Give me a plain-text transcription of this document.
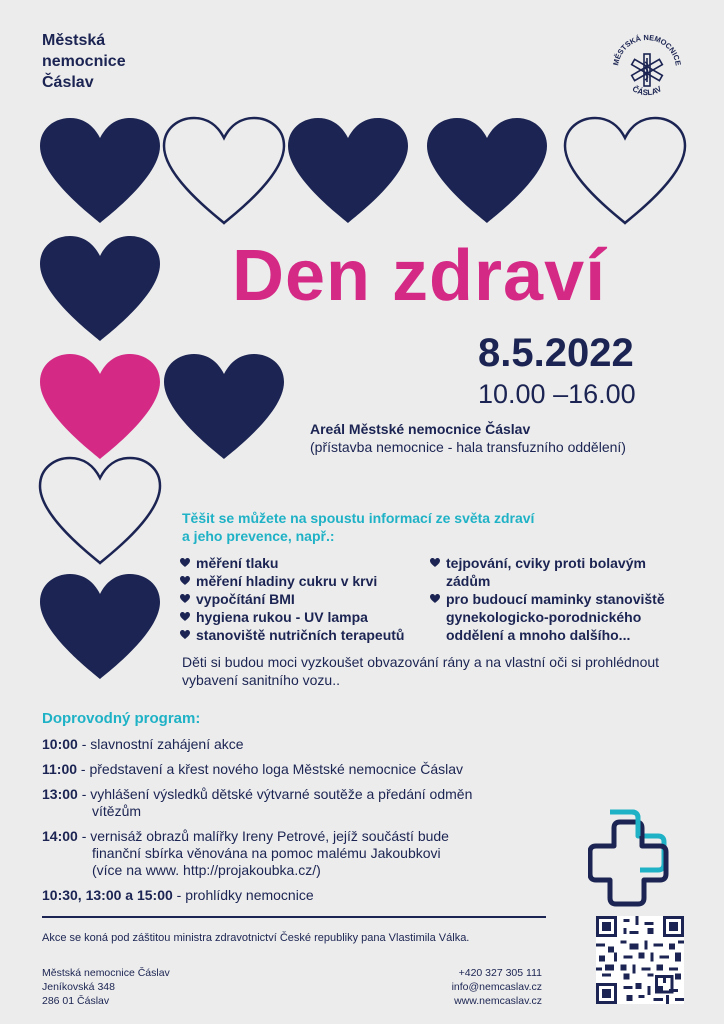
Městská
nemocnice
Čáslav
MĚSTSKÁ NEMOCNICE
ČÁSLAV
Den zdraví
8.5.2022
10.00 –16.00
Areál Městské nemocnice Čáslav
(přístavba nemocnice - hala transfuzního oddělení)
Těšit se můžete na spoustu informací ze světa zdraví
a jeho prevence, např.:
měření tlaku
měření hladiny cukru v krvi
vypočítání BMI
hygiena rukou - UV lampa
stanoviště nutričních terapeutů
tejpování, cviky proti bolavým zádům
pro budoucí maminky stanoviště gynekologicko-porodnického oddělení a mnoho dalšího...
Děti si budou moci vyzkoušet obvazování rány a na vlastní oči si prohlédnout vybavení sanitního vozu..
Doprovodný program:
10:00 - slavnostní zahájení akce
11:00 - představení a křest nového loga Městské nemocnice Čáslav
13:00 - vyhlášení výsledků dětské výtvarné soutěže a předání odměn
vítězům
14:00 - vernisáž obrazů malířky Ireny Petrové, jejíž součástí bude
finanční sbírka věnována na pomoc malému Jakoubkovi
(více na www. http://projakoubka.cz/)
10:30, 13:00 a 15:00 - prohlídky nemocnice
Akce se koná pod záštitou ministra zdravotnictví České republiky pana Vlastimila Válka.
Městská nemocnice Čáslav
Jeníkovská 348
286 01 Čáslav
+420 327 305 111
info@nemcaslav.cz
www.nemcaslav.cz
